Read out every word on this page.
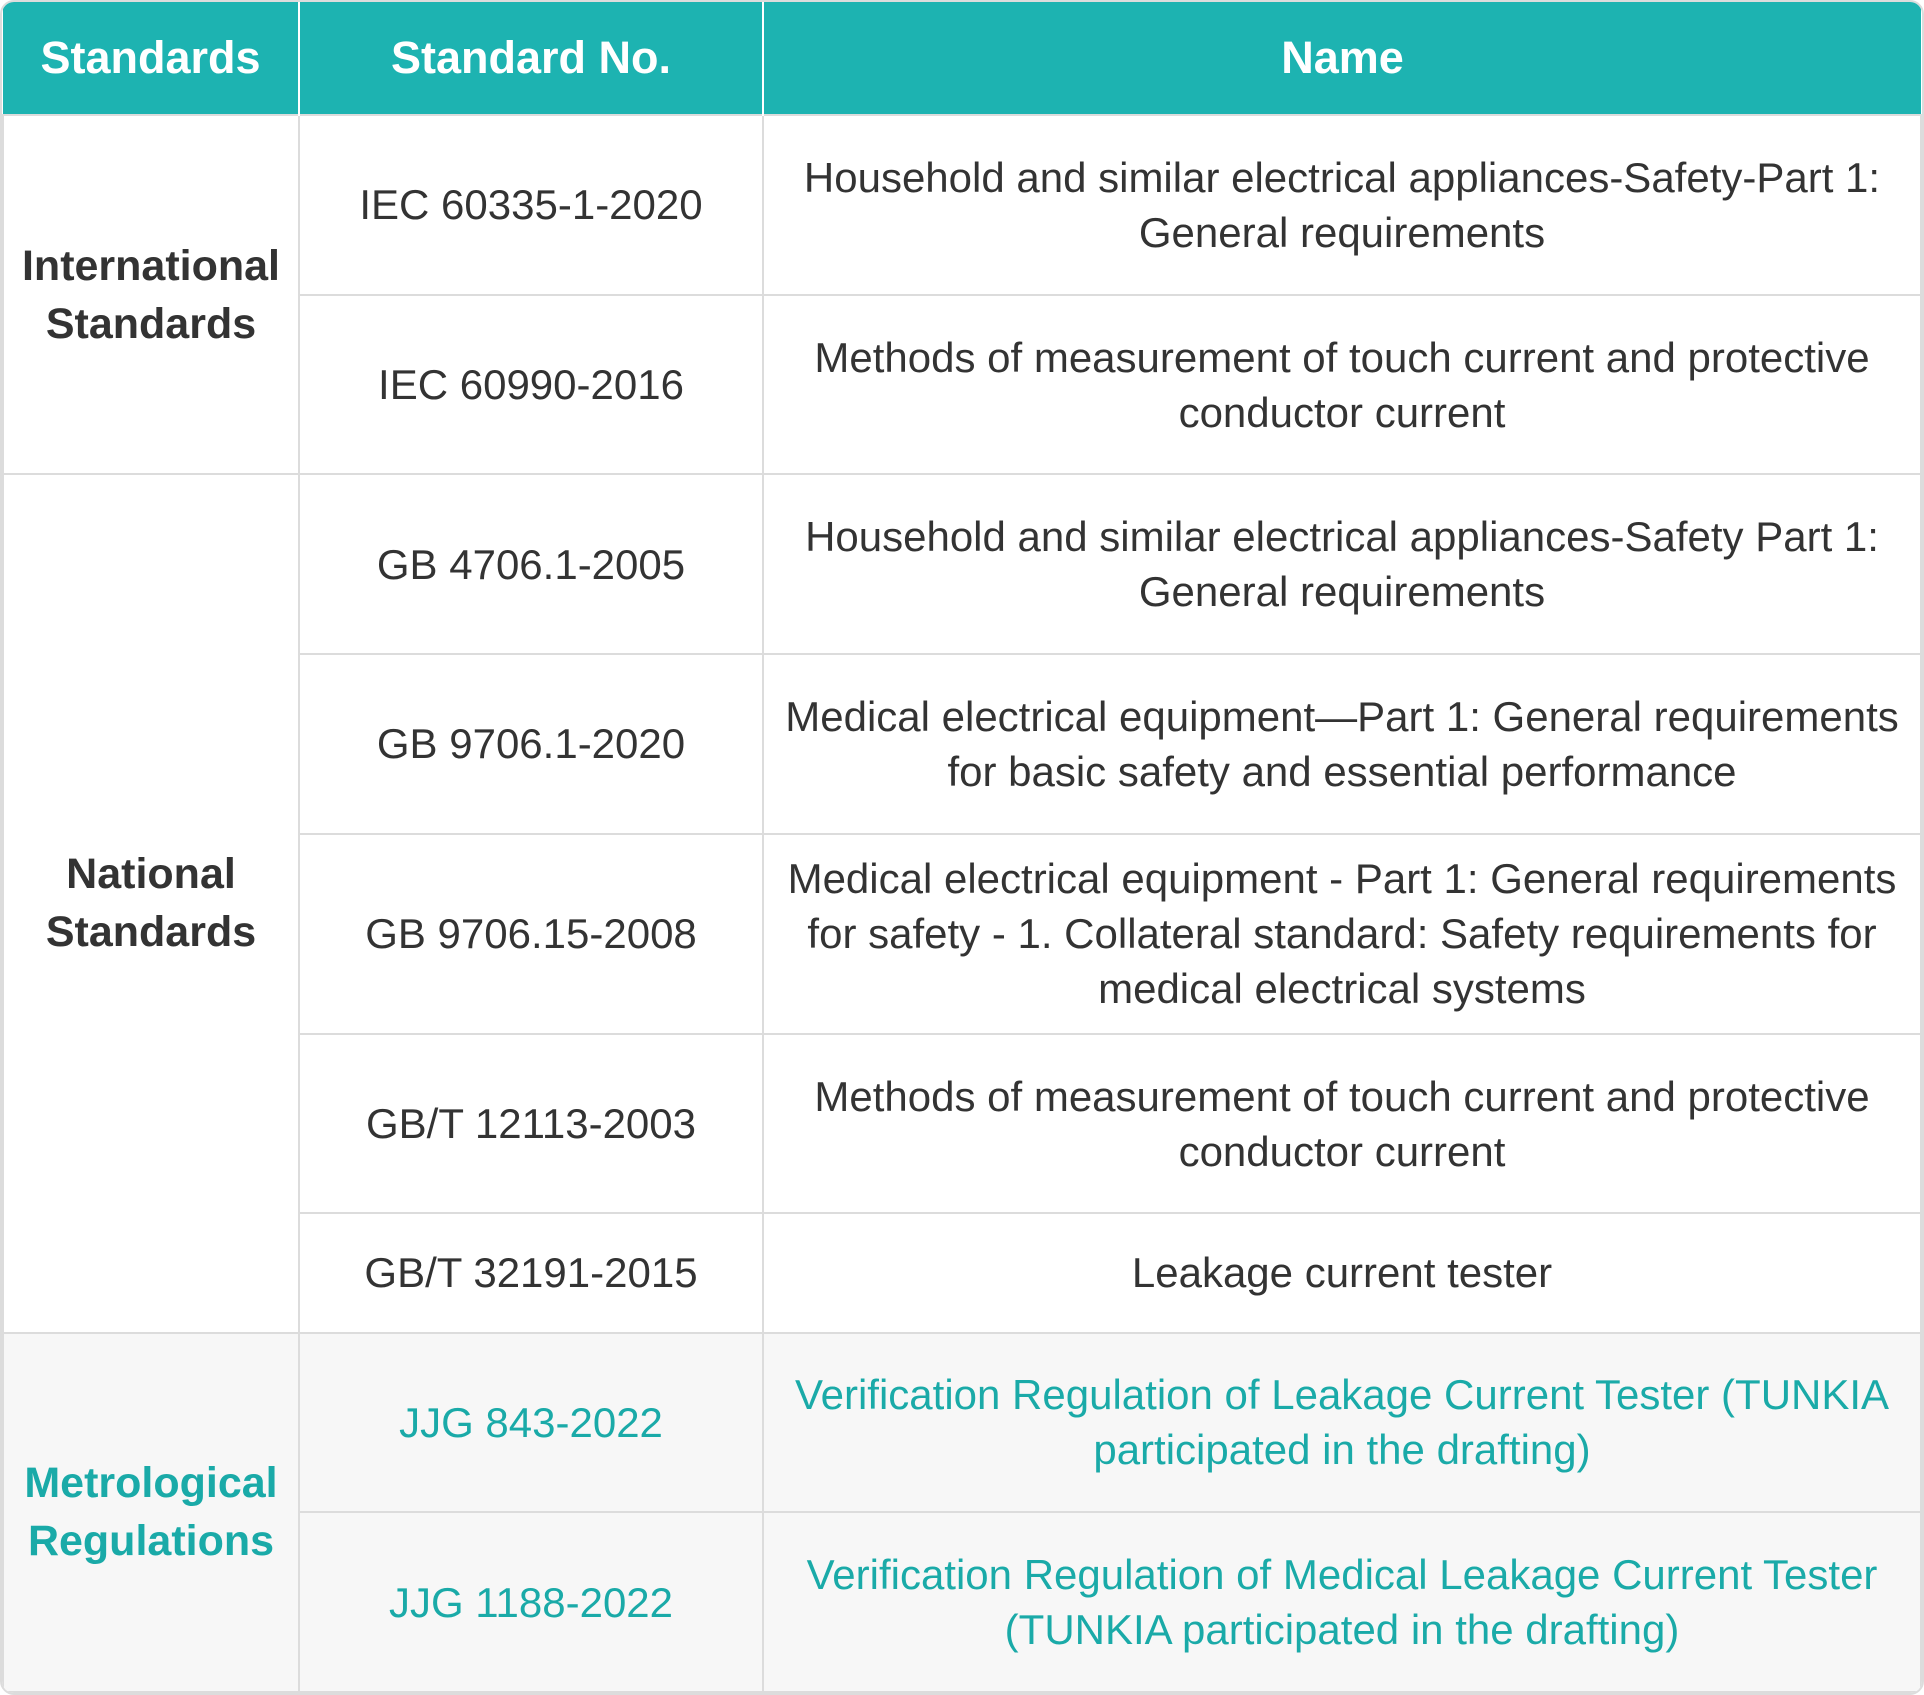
Standards	Standard No.	Name
International Standards	IEC 60335-1-2020	Household and similar electrical appliances-Safety-Part 1: General requirements
	IEC 60990-2016	Methods of measurement of touch current and protective conductor current
National Standards	GB 4706.1-2005	Household and similar electrical appliances-Safety Part 1: General requirements
	GB 9706.1-2020	Medical electrical equipment—Part 1: General requirements for basic safety and essential performance
	GB 9706.15-2008	Medical electrical equipment - Part 1: General requirements for safety - 1. Collateral standard: Safety requirements for medical electrical systems
	GB/T 12113-2003	Methods of measurement of touch current and protective conductor current
	GB/T 32191-2015	Leakage current tester
Metrological Regulations	JJG 843-2022	Verification Regulation of Leakage Current Tester (TUNKIA participated in the drafting)
	JJG 1188-2022	Verification Regulation of Medical Leakage Current Tester (TUNKIA participated in the drafting)
